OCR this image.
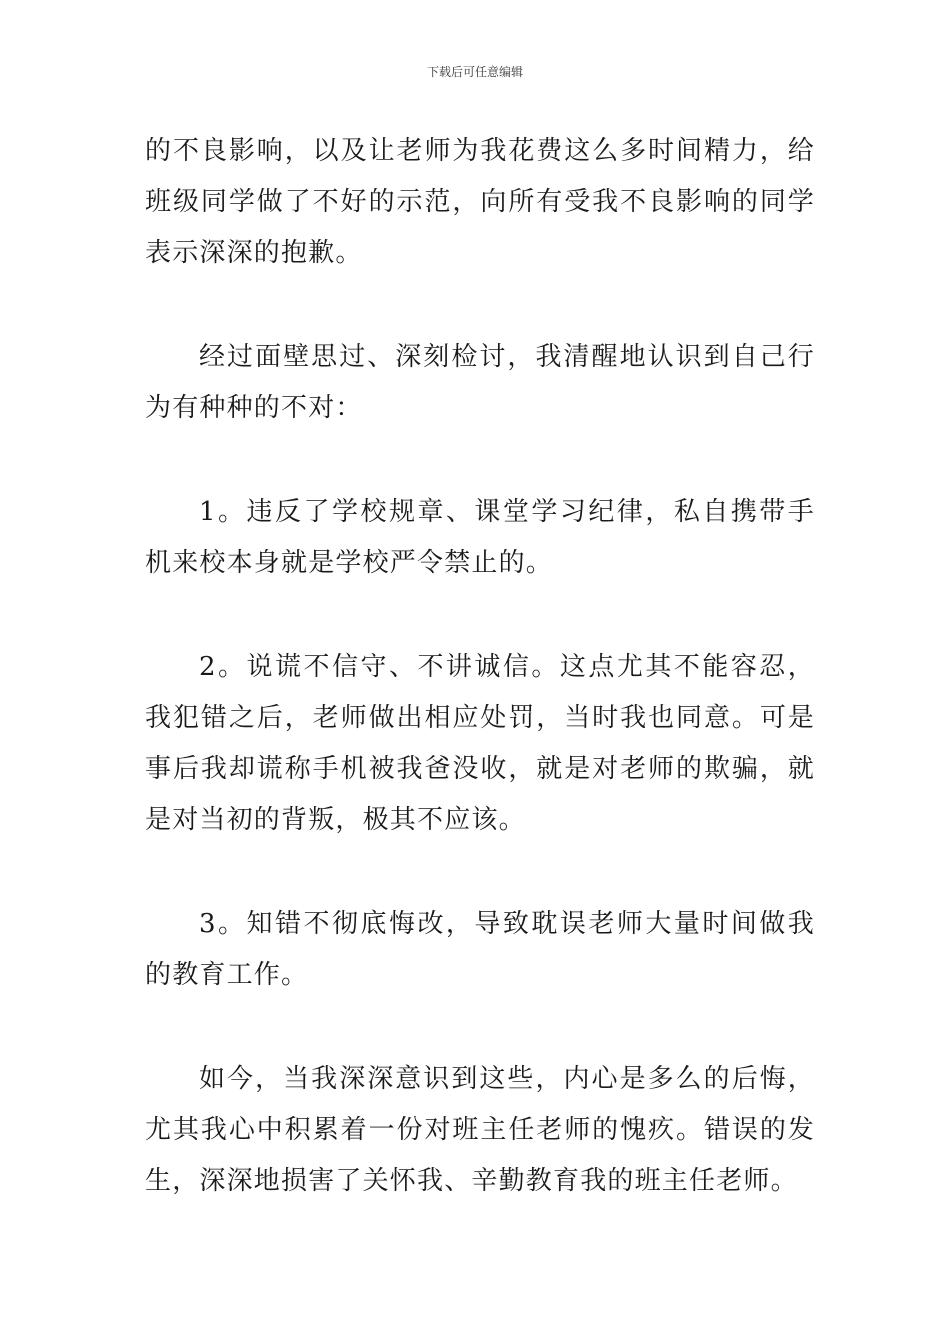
下载后可任意编辑

的不良影响，以及让老师为我花费这么多时间精力，给班级同学做了不好的示范，向所有受我不良影响的同学表示深深的抱歉。

经过面壁思过、深刻检讨，我清醒地认识到自己行为有种种的不对：

1。违反了学校规章、课堂学习纪律，私自携带手机来校本身就是学校严令禁止的。

2。说谎不信守、不讲诚信。这点尤其不能容忍，我犯错之后，老师做出相应处罚，当时我也同意。可是事后我却谎称手机被我爸没收，就是对老师的欺骗，就是对当初的背叛，极其不应该。

3。知错不彻底悔改，导致耽误老师大量时间做我的教育工作。

如今，当我深深意识到这些，内心是多么的后悔，尤其我心中积累着一份对班主任老师的愧疚。错误的发生，深深地损害了关怀我、辛勤教育我的班主任老师。
